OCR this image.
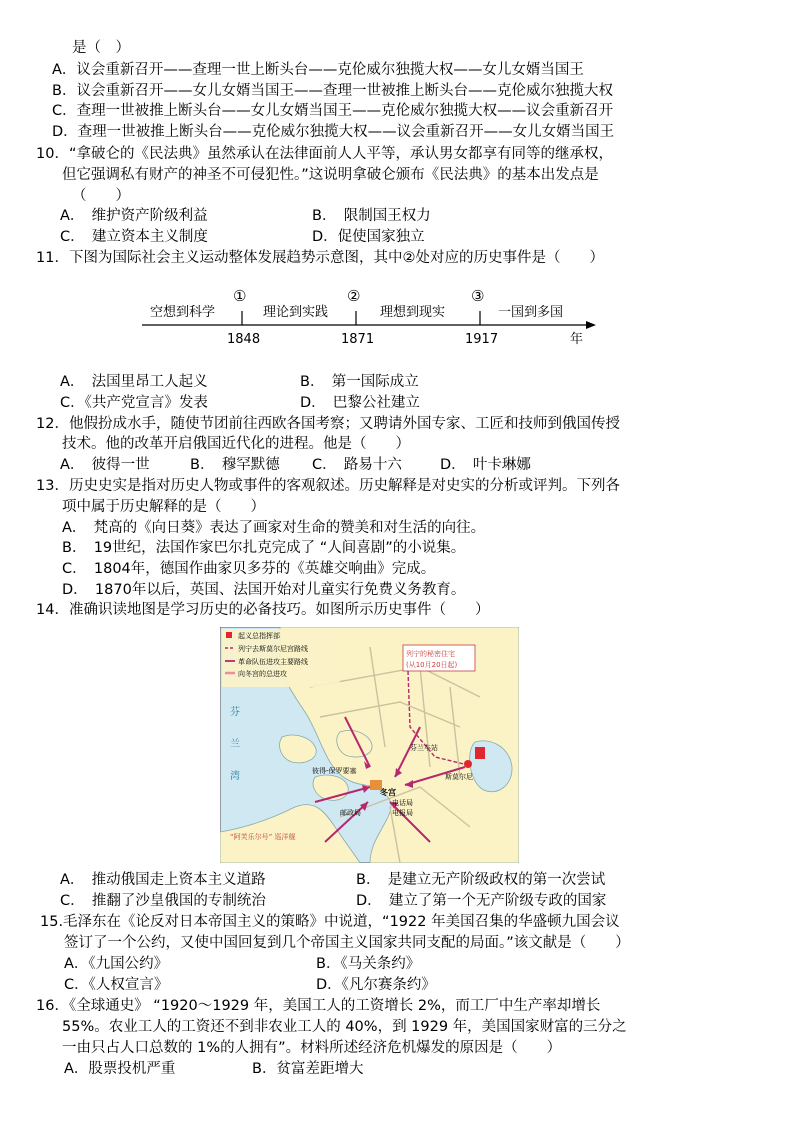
是（　）
A．议会重新召开——查理一世上断头台——克伦威尔独揽大权——女儿女婿当国王
B．议会重新召开——女儿女婿当国王——查理一世被推上断头台——克伦威尔独揽大权
C．查理一世被推上断头台——女儿女婿当国王——克伦威尔独揽大权——议会重新召开
D．查理一世被推上断头台——克伦威尔独揽大权——议会重新召开——女儿女婿当国王
10．“拿破仑的《民法典》虽然承认在法律面前人人平等，承认男女都享有同等的继承权，
但它强调私有财产的神圣不可侵犯性。”这说明拿破仑颁布《民法典》的基本出发点是
（　　）
A．　维护资产阶级利益	B．　限制国王权力
C．　建立资本主义制度	D．促使国家独立
11．下图为国际社会主义运动整体发展趋势示意图，其中②处对应的历史事件是（　　）
空想到科学	理论到实践	理想到现实	一国到多国
①	②	③
1848	1871	1917	年
A．　法国里昂工人起义	B．　第一国际成立
C．《共产党宣言》发表	D．　巴黎公社建立
12．他假扮成水手，随使节团前往西欧各国考察；又聘请外国专家、工匠和技师到俄国传授
技术。他的改革开启俄国近代化的进程。他是（　　）
A．　彼得一世	B．　穆罕默德 C．　路易十六	D．　叶卡琳娜
13．历史史实是指对历史人物或事件的客观叙述。历史解释是对史实的分析或评判。下列各
项中属于历史解释的是（　　）
A．　梵高的《向日葵》表达了画家对生命的赞美和对生活的向往。
B．　19世纪，法国作家巴尔扎克完成了 “人间喜剧”的小说集。
C．　1804年，德国作曲家贝多芬的《英雄交响曲》完成。
D．　1870年以后，英国、法国开始对儿童实行免费义务教育。
14．准确识读地图是学习历史的必备技巧。如图所示历史事件（　　）
起义总指挥部
列宁去斯莫尔尼宫路线
革命队伍进攻主要路线
向冬宫的总进攻
列宁的秘密住宅
(从10月20日起)
芬
兰
湾
芬兰车站
斯莫尔尼
彼得-保罗要塞
冬宫
电话局
电报局
邮政局
“阿芙乐尔号” 巡洋舰
A．　推动俄国走上资本主义道路	B．　是建立无产阶级政权的第一次尝试
C．　推翻了沙皇俄国的专制统治	D．　建立了第一个无产阶级专政的国家
15.毛泽东在《论反对日本帝国主义的策略》中说道，“1922 年美国召集的华盛顿九国会议
签订了一个公约，又使中国回复到几个帝国主义国家共同支配的局面。”该文献是（　　）
A．《九国公约》	B．《马关条约》
C．《人权宣言》	D．《凡尔赛条约》
16．《全球通史》 “1920～1929 年，美国工人的工资增长 2%，而工厂中生产率却增长
55%。农业工人的工资还不到非农业工人的 40%，到 1929 年，美国国家财富的三分之
一由只占人口总数的 1%的人拥有”。材料所述经济危机爆发的原因是（　　）
A．股票投机严重	B．贫富差距增大
